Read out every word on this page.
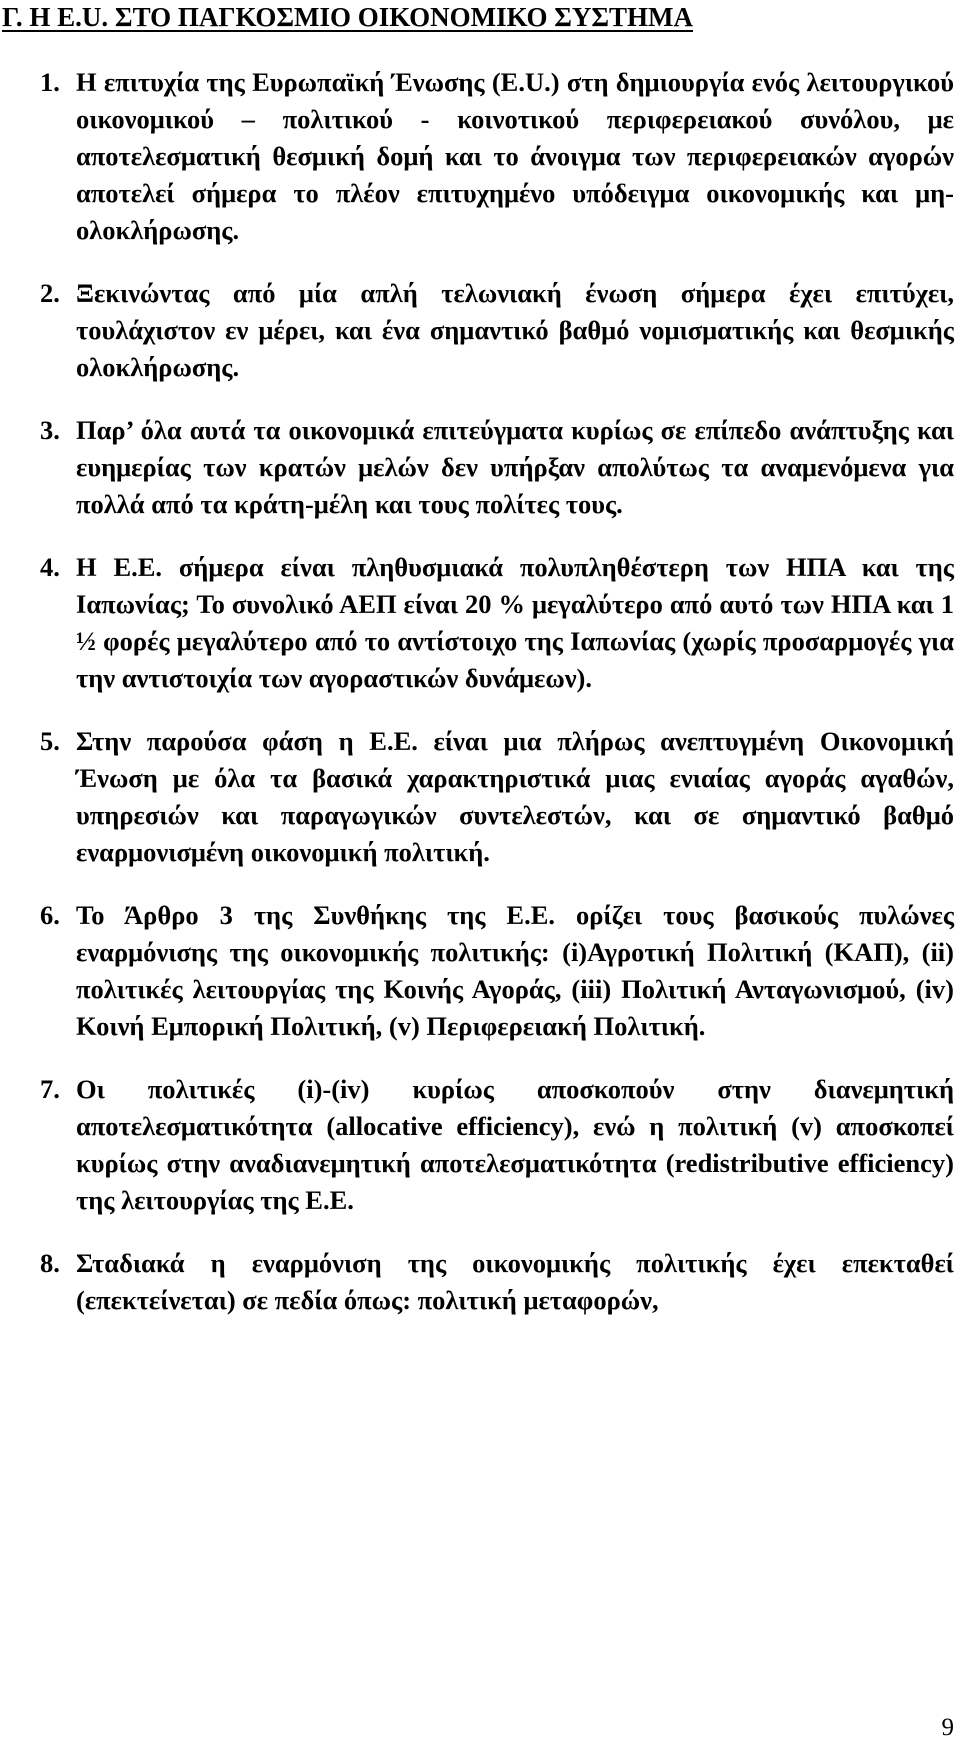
Γ. Η Ε.U. ΣΤΟ ΠΑΓΚΟΣΜΙΟ ΟΙΚΟΝΟΜΙΚΟ ΣΥΣΤΗΜΑ
1. Η επιτυχία της Ευρωπαϊκή Ένωσης (Ε.U.) στη δημιουργία ενός λειτουργικού οικονομικού – πολιτικού - κοινοτικού περιφερειακού συνόλου, με αποτελεσματική θεσμική δομή και το άνοιγμα των περιφερειακών αγορών αποτελεί σήμερα το πλέον επιτυχημένο υπόδειγμα οικονομικής και μη-ολοκλήρωσης.
2. Ξεκινώντας από μία απλή τελωνιακή ένωση σήμερα έχει επιτύχει, τουλάχιστον εν μέρει, και ένα σημαντικό βαθμό νομισματικής και θεσμικής ολοκλήρωσης.
3. Παρ’ όλα αυτά τα οικονομικά επιτεύγματα κυρίως σε επίπεδο ανάπτυξης και ευημερίας των κρατών μελών δεν υπήρξαν απολύτως τα αναμενόμενα για πολλά από τα κράτη-μέλη και τους πολίτες τους.
4. Η Ε.Ε. σήμερα είναι πληθυσμιακά πολυπληθέστερη των ΗΠΑ και της Ιαπωνίας; Το συνολικό ΑΕΠ είναι 20 % μεγαλύτερο από αυτό των ΗΠΑ και 1 ½ φορές μεγαλύτερο από το αντίστοιχο της Ιαπωνίας (χωρίς προσαρμογές για την αντιστοιχία των αγοραστικών δυνάμεων).
5. Στην παρούσα φάση η Ε.Ε. είναι μια πλήρως ανεπτυγμένη Οικονομική Ένωση με όλα τα βασικά χαρακτηριστικά μιας ενιαίας αγοράς αγαθών, υπηρεσιών και παραγωγικών συντελεστών, και σε σημαντικό βαθμό εναρμονισμένη οικονομική πολιτική.
6. Το Άρθρο 3 της Συνθήκης της Ε.Ε. ορίζει τους βασικούς πυλώνες εναρμόνισης της οικονομικής πολιτικής: (i)Αγροτική Πολιτική (ΚΑΠ), (ii) πολιτικές λειτουργίας της Κοινής Αγοράς, (iii) Πολιτική Ανταγωνισμού, (iv) Κοινή Εμπορική Πολιτική, (v) Περιφερειακή Πολιτική.
7. Οι πολιτικές (i)-(iv) κυρίως αποσκοπούν στην διανεμητική αποτελεσματικότητα (allocative efficiency), ενώ η πολιτική (v) αποσκοπεί κυρίως στην αναδιανεμητική αποτελεσματικότητα (redistributive efficiency) της λειτουργίας της Ε.Ε.
8. Σταδιακά η εναρμόνιση της οικονομικής πολιτικής έχει επεκταθεί (επεκτείνεται) σε πεδία όπως: πολιτική μεταφορών,
9
